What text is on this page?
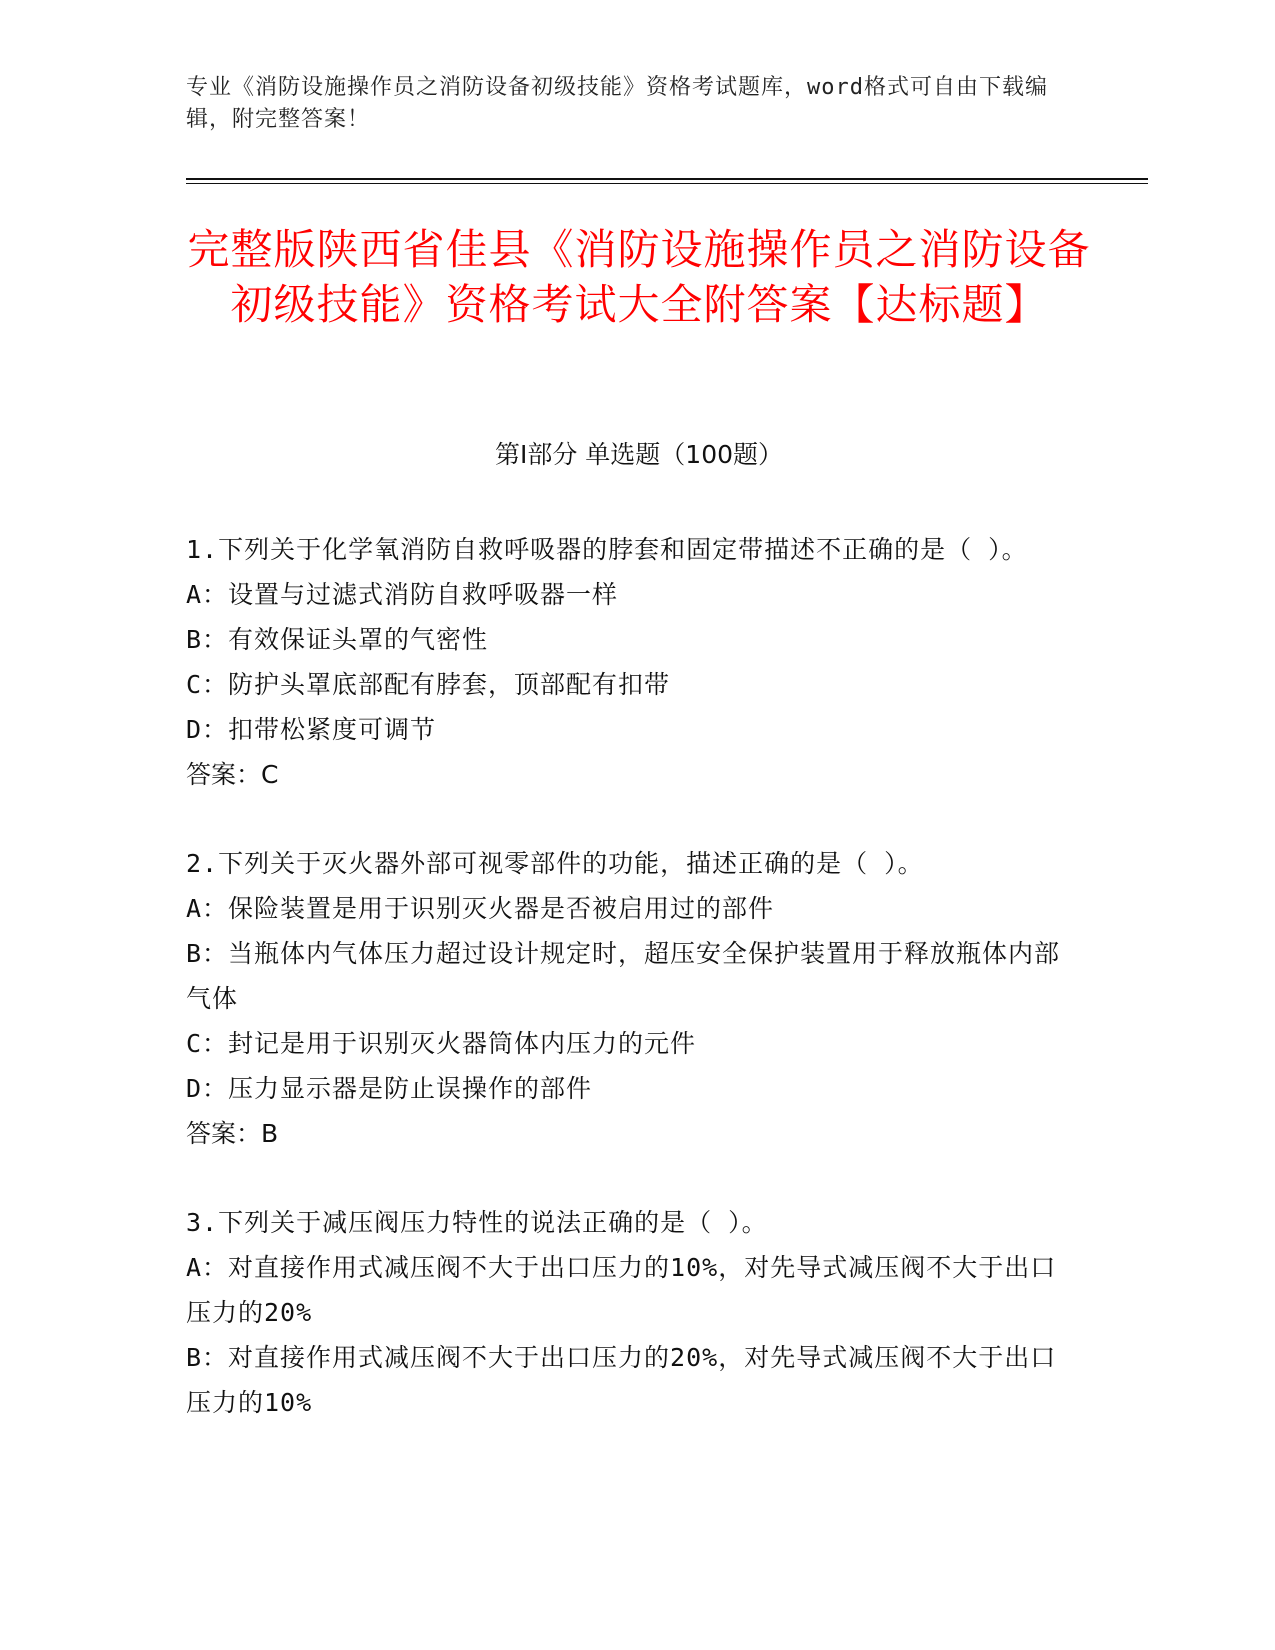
专业《消防设施操作员之消防设备初级技能》资格考试题库，word格式可自由下载编辑，附完整答案！
完整版陕西省佳县《消防设施操作员之消防设备初级技能》资格考试大全附答案【达标题】
第Ⅰ部分 单选题（100题）

1.下列关于化学氧消防自救呼吸器的脖套和固定带描述不正确的是（ ）。

A：设置与过滤式消防自救呼吸器一样

B：有效保证头罩的气密性

C：防护头罩底部配有脖套，顶部配有扣带

D：扣带松紧度可调节

答案：C

2.下列关于灭火器外部可视零部件的功能，描述正确的是（ ）。

A：保险装置是用于识别灭火器是否被启用过的部件

B：当瓶体内气体压力超过设计规定时，超压安全保护装置用于释放瓶体内部气体

C：封记是用于识别灭火器筒体内压力的元件

D：压力显示器是防止误操作的部件

答案：B

3.下列关于减压阀压力特性的说法正确的是（ ）。

A：对直接作用式减压阀不大于出口压力的10%，对先导式减压阀不大于出口压力的20%

B：对直接作用式减压阀不大于出口压力的20%，对先导式减压阀不大于出口压力的10%
